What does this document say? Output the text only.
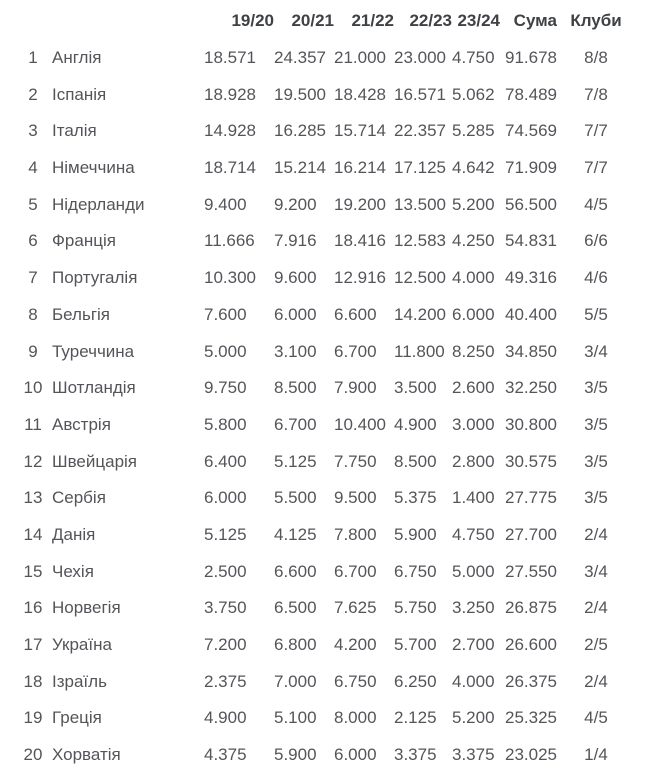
		19/20	20/21	21/22	22/23	23/24	Сума	Клуби
1	Англія	18.571	24.357	21.000	23.000	4.750	91.678	8/8
2	Іспанія	18.928	19.500	18.428	16.571	5.062	78.489	7/8
3	Італія	14.928	16.285	15.714	22.357	5.285	74.569	7/7
4	Німеччина	18.714	15.214	16.214	17.125	4.642	71.909	7/7
5	Нідерланди	9.400	9.200	19.200	13.500	5.200	56.500	4/5
6	Франція	11.666	7.916	18.416	12.583	4.250	54.831	6/6
7	Португалія	10.300	9.600	12.916	12.500	4.000	49.316	4/6
8	Бельгія	7.600	6.000	6.600	14.200	6.000	40.400	5/5
9	Туреччина	5.000	3.100	6.700	11.800	8.250	34.850	3/4
10	Шотландія	9.750	8.500	7.900	3.500	2.600	32.250	3/5
11	Австрія	5.800	6.700	10.400	4.900	3.000	30.800	3/5
12	Швейцарія	6.400	5.125	7.750	8.500	2.800	30.575	3/5
13	Сербія	6.000	5.500	9.500	5.375	1.400	27.775	3/5
14	Данія	5.125	4.125	7.800	5.900	4.750	27.700	2/4
15	Чехія	2.500	6.600	6.700	6.750	5.000	27.550	3/4
16	Норвегія	3.750	6.500	7.625	5.750	3.250	26.875	2/4
17	Україна	7.200	6.800	4.200	5.700	2.700	26.600	2/5
18	Ізраїль	2.375	7.000	6.750	6.250	4.000	26.375	2/4
19	Греція	4.900	5.100	8.000	2.125	5.200	25.325	4/5
20	Хорватія	4.375	5.900	6.000	3.375	3.375	23.025	1/4
